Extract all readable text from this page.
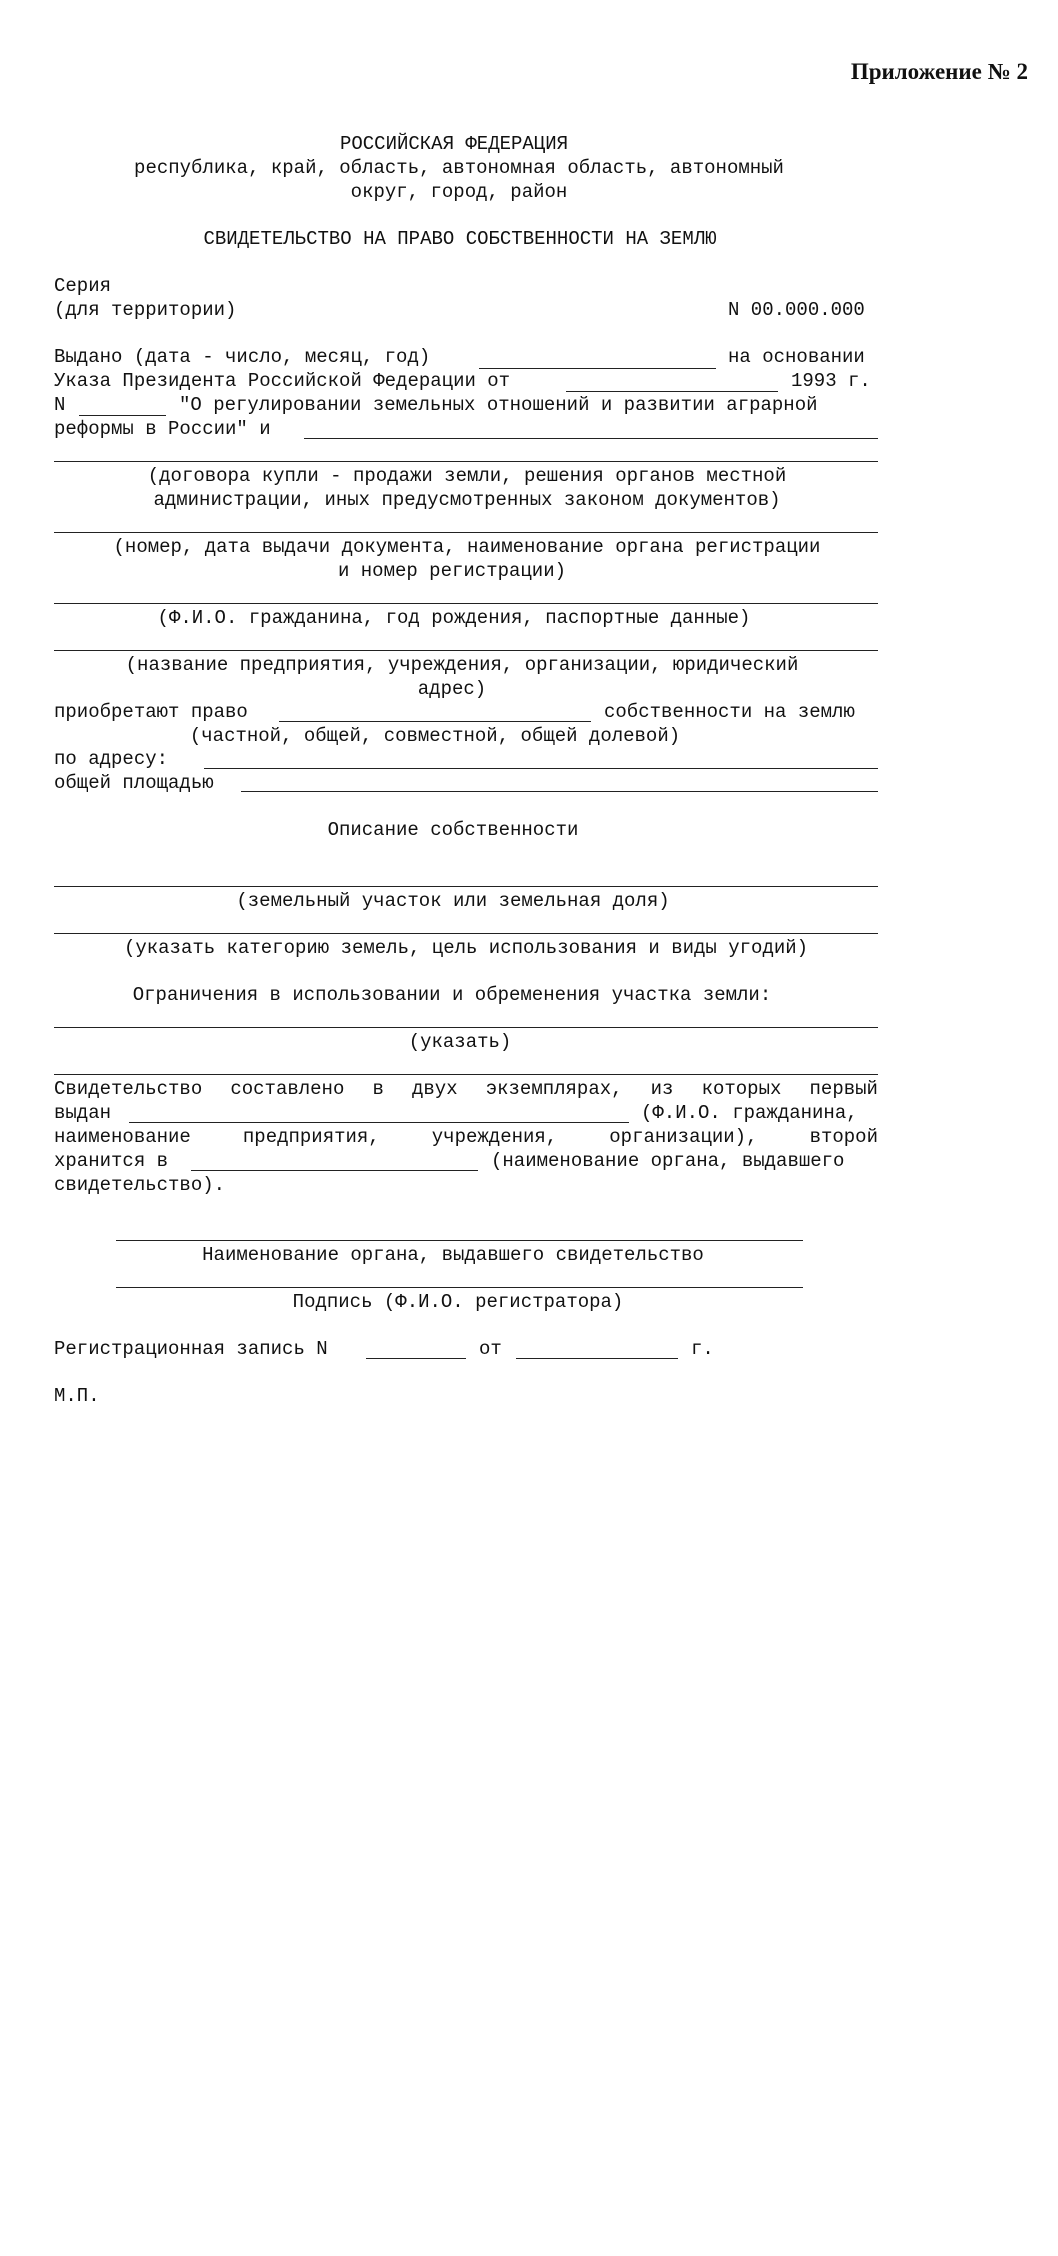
Приложение № 2

РОССИЙСКАЯ ФЕДЕРАЦИЯ

республика, край, область, автономная область, автономный

округ, город, район

СВИДЕТЕЛЬСТВО НА ПРАВО СОБСТВЕННОСТИ НА ЗЕМЛЮ

Серия

(для территории)

	N 00.000.000

Выдано (дата - число, месяц, год)

	на основании

Указа Президента Российской Федерации от

	1993 г.

N

	"О регулировании земельных отношений и развитии аграрной

реформы в России" и

(договора купли - продажи земли, решения органов местной

администрации, иных предусмотренных законом документов)

(номер, дата выдачи документа, наименование органа регистрации

и номер регистрации)

(Ф.И.О. гражданина, год рождения, паспортные данные)

(название предприятия, учреждения, организации, юридический

адрес)

приобретают право

	собственности на землю

(частной, общей, совместной, общей долевой)

по адресу:

общей площадью

Описание собственности

(земельный участок или земельная доля)

(указать категорию земель, цель использования и виды угодий)

Ограничения в использовании и обременения участка земли:

(указать)

Свидетельство составлено в двух экземплярах, из которых первый

выдан

	(Ф.И.О. гражданина,

наименование	предприятия,	учреждения,	организации),	второй

хранится в

	(наименование органа, выдавшего

свидетельство).

Наименование органа, выдавшего свидетельство

Подпись (Ф.И.О. регистратора)

Регистрационная запись N

	от

	г.

М.П.
